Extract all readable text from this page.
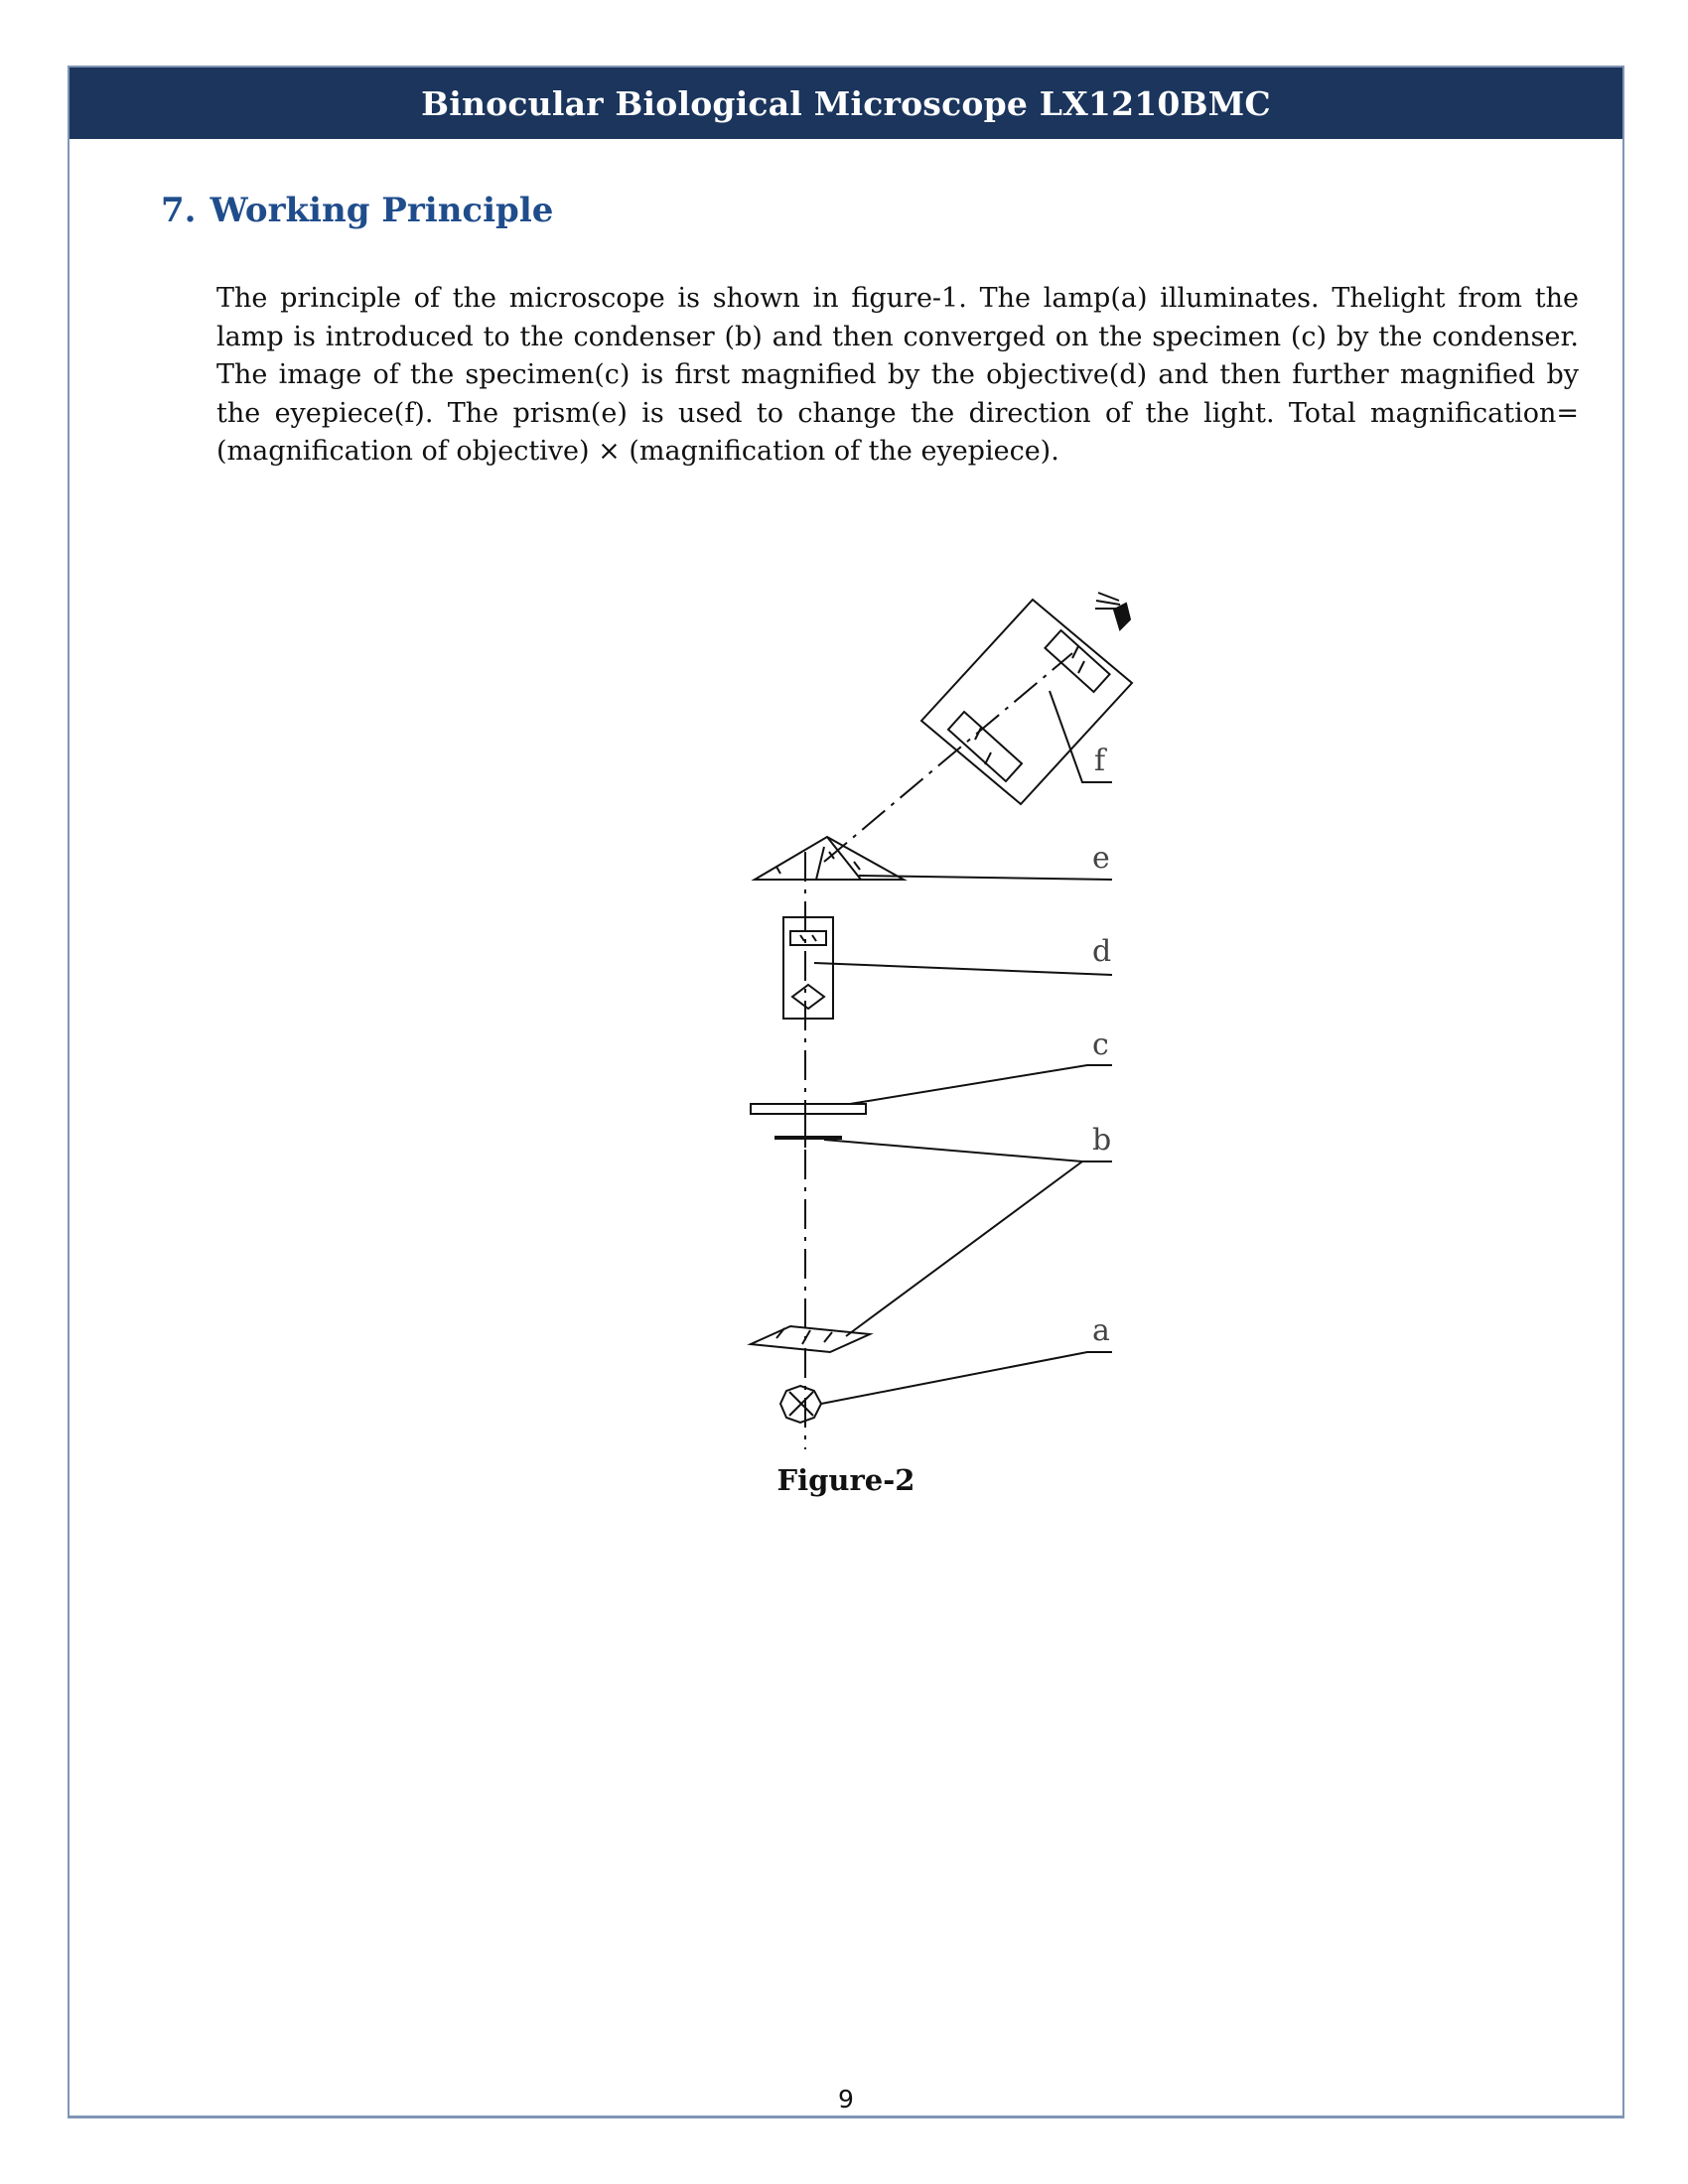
Binocular Biological Microscope LX1210BMC
7. Working Principle

The principle of the microscope is shown in figure-1. The lamp(a) illuminates. Thelight from the lamp is introduced to the condenser (b) and then converged on the specimen (c) by the condenser. The image of the specimen(c) is first magnified by the objective(d) and then further magnified by the eyepiece(f). The prism(e) is used to change the direction of the light. Total magnification= (magnification of objective) × (magnification of the eyepiece).

f
e
d
c
b
a
Figure-2
9
